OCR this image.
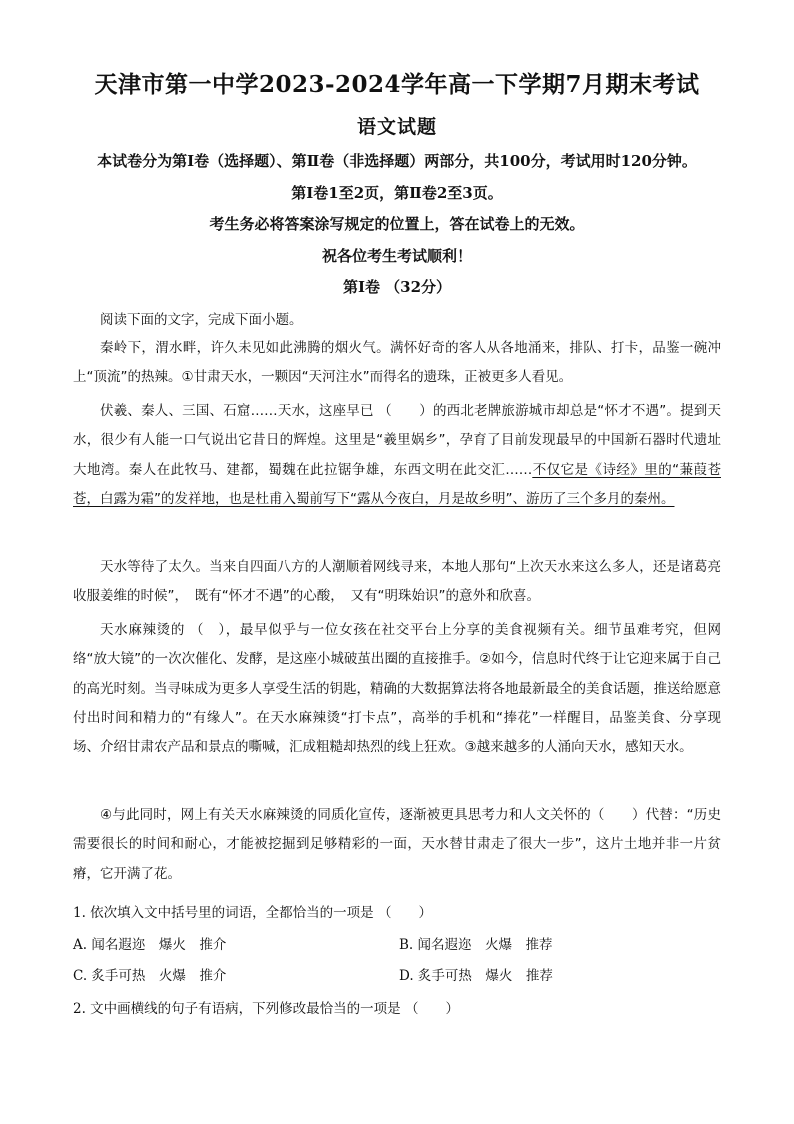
天津市第一中学2023-2024学年高一下学期7月期末考试
语文试题
本试卷分为第Ⅰ卷（选择题）、第Ⅱ卷（非选择题）两部分，共100分，考试用时120分钟。
第Ⅰ卷1至2页，第Ⅱ卷2至3页。
考生务必将答案涂写规定的位置上，答在试卷上的无效。
祝各位考生考试顺利！
第Ⅰ卷 （32分）
阅读下面的文字，完成下面小题。
秦岭下，渭水畔，许久未见如此沸腾的烟火气。满怀好奇的客人从各地涌来，排队、打卡，品鉴一碗冲上“顶流”的热辣。①甘肃天水，一颗因“天河注水”而得名的遗珠，正被更多人看见。
伏羲、秦人、三国、石窟……天水，这座早已 （　　）的西北老牌旅游城市却总是“怀才不遇”。提到天水，很少有人能一口气说出它昔日的辉煌。这里是“羲里娲乡”，孕育了目前发现最早的中国新石器时代遗址大地湾。秦人在此牧马、建都，蜀魏在此拉锯争雄，东西文明在此交汇……不仅它是《诗经》里的“蒹葭苍苍，白露为霜”的发祥地，也是杜甫入蜀前写下“露从今夜白，月是故乡明”、游历了三个多月的秦州。
天水等待了太久。当来自四面八方的人潮顺着网线寻来，本地人那句“上次天水来这么多人，还是诸葛亮收服姜维的时候”，　既有“怀才不遇”的心酸，　又有“明珠始识”的意外和欣喜。
天水麻辣烫的 （　），最早似乎与一位女孩在社交平台上分享的美食视频有关。细节虽难考究，但网络“放大镜”的一次次催化、发酵，是这座小城破茧出圈的直接推手。②如今，信息时代终于让它迎来属于自己的高光时刻。当寻味成为更多人享受生活的钥匙，精确的大数据算法将各地最新最全的美食话题，推送给愿意付出时间和精力的“有缘人”。在天水麻辣烫“打卡点”，高举的手机和“捧花”一样醒目，品鉴美食、分享现场、介绍甘肃农产品和景点的嘶喊，汇成粗糙却热烈的线上狂欢。③越来越多的人涌向天水，感知天水。
④与此同时，网上有关天水麻辣烫的同质化宣传，逐渐被更具思考力和人文关怀的（　　）代替：“历史需要很长的时间和耐心，才能被挖掘到足够精彩的一面，天水替甘肃走了很大一步”，这片土地并非一片贫瘠，它开满了花。
1. 依次填入文中括号里的词语，全都恰当的一项是 （　　）
A. 闻名遐迩　爆火　推介	B. 闻名遐迩　火爆　推荐
C. 炙手可热　火爆　推介	D. 炙手可热　爆火　推荐
2. 文中画横线的句子有语病，下列修改最恰当的一项是 （　　）
